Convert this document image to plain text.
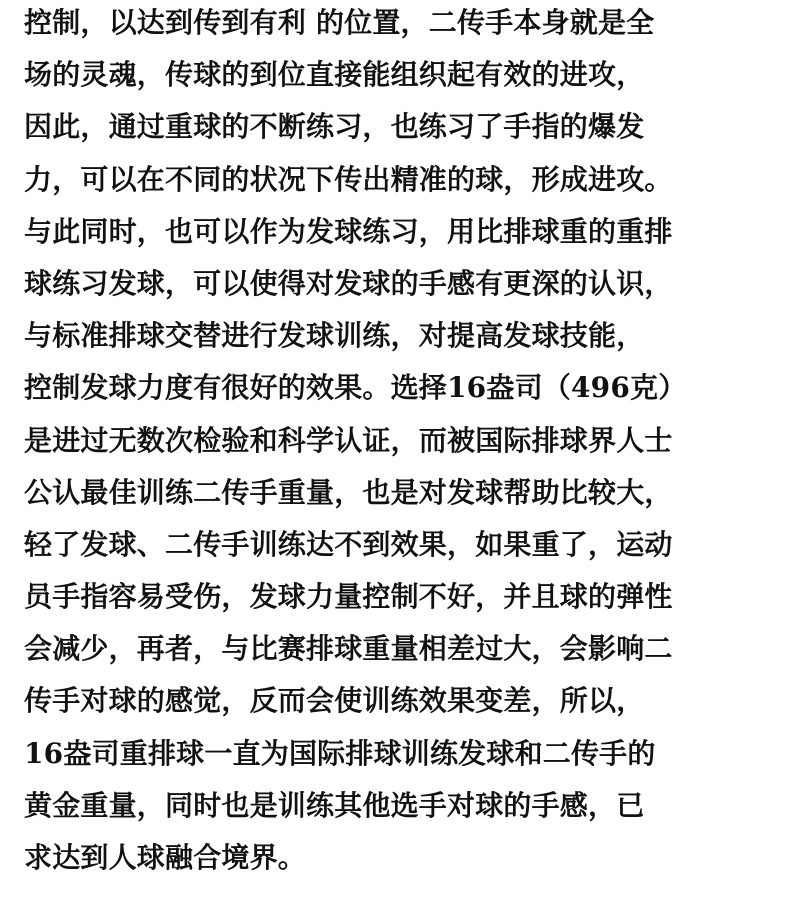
控制，以达到传到有利 的位置，二传手本身就是全
场的灵魂，传球的到位直接能组织起有效的进攻，
因此，通过重球的不断练习，也练习了手指的爆发
力，可以在不同的状况下传出精准的球，形成进攻。
与此同时，也可以作为发球练习，用比排球重的重排
球练习发球，可以使得对发球的手感有更深的认识，
与标准排球交替进行发球训练，对提高发球技能，
控制发球力度有很好的效果。选择16盎司（496克）
是进过无数次检验和科学认证，而被国际排球界人士
公认最佳训练二传手重量，也是对发球帮助比较大，
轻了发球、二传手训练达不到效果，如果重了，运动
员手指容易受伤，发球力量控制不好，并且球的弹性
会减少，再者，与比赛排球重量相差过大，会影响二
传手对球的感觉，反而会使训练效果变差，所以，
16盎司重排球一直为国际排球训练发球和二传手的
黄金重量，同时也是训练其他选手对球的手感，已
求达到人球融合境界。
